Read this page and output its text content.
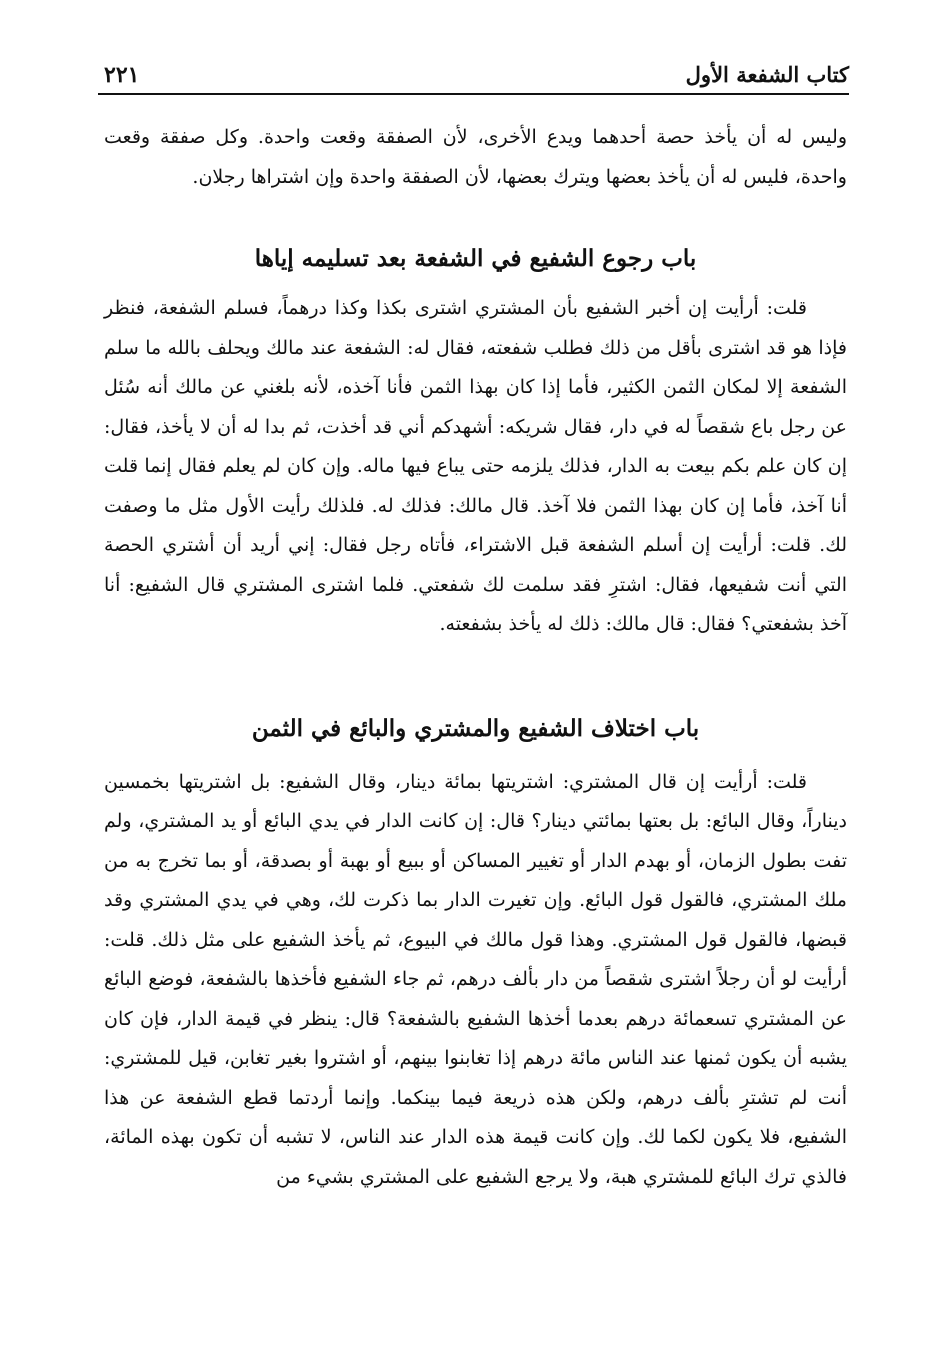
كتاب الشفعة الأول
٢٢١

وليس له أن يأخذ حصة أحدهما ويدع الأخرى، لأن الصفقة وقعت واحدة. وكل صفقة وقعت واحدة، فليس له أن يأخذ بعضها ويترك بعضها، لأن الصفقة واحدة وإن اشتراها رجلان.

باب رجوع الشفيع في الشفعة بعد تسليمه إياها

قلت: أرأيت إن أخبر الشفيع بأن المشتري اشترى بكذا وكذا درهماً، فسلم الشفعة، فنظر فإذا هو قد اشترى بأقل من ذلك فطلب شفعته، فقال له: الشفعة عند مالك ويحلف بالله ما سلم الشفعة إلا لمكان الثمن الكثير، فأما إذا كان بهذا الثمن فأنا آخذه، لأنه بلغني عن مالك أنه سُئل عن رجل باع شقصاً له في دار، فقال شريكه: أشهدكم أني قد أخذت، ثم بدا له أن لا يأخذ، فقال: إن كان علم بكم بيعت به الدار، فذلك يلزمه حتى يباع فيها ماله. وإن كان لم يعلم فقال إنما قلت أنا آخذ، فأما إن كان بهذا الثمن فلا آخذ. قال مالك: فذلك له. فلذلك رأيت الأول مثل ما وصفت لك. قلت: أرأيت إن أسلم الشفعة قبل الاشتراء، فأتاه رجل فقال: إني أريد أن أشتري الحصة التي أنت شفيعها، فقال: اشترِ فقد سلمت لك شفعتي. فلما اشترى المشتري قال الشفيع: أنا آخذ بشفعتي؟ فقال: قال مالك: ذلك له يأخذ بشفعته.

باب اختلاف الشفيع والمشتري والبائع في الثمن

قلت: أرأيت إن قال المشتري: اشتريتها بمائة دينار، وقال الشفيع: بل اشتريتها بخمسين ديناراً، وقال البائع: بل بعتها بمائتي دينار؟ قال: إن كانت الدار في يدي البائع أو يد المشتري، ولم تفت بطول الزمان، أو بهدم الدار أو تغيير المساكن أو ببيع أو بهبة أو بصدقة، أو بما تخرج به من ملك المشتري، فالقول قول البائع. وإن تغيرت الدار بما ذكرت لك، وهي في يدي المشتري وقد قبضها، فالقول قول المشتري. وهذا قول مالك في البيوع، ثم يأخذ الشفيع على مثل ذلك. قلت: أرأيت لو أن رجلاً اشترى شقصاً من دار بألف درهم، ثم جاء الشفيع فأخذها بالشفعة، فوضع البائع عن المشتري تسعمائة درهم بعدما أخذها الشفيع بالشفعة؟ قال: ينظر في قيمة الدار، فإن كان يشبه أن يكون ثمنها عند الناس مائة درهم إذا تغابنوا بينهم، أو اشتروا بغير تغابن، قيل للمشتري: أنت لم تشترِ بألف درهم، ولكن هذه ذريعة فيما بينكما. وإنما أردتما قطع الشفعة عن هذا الشفيع، فلا يكون لكما لك. وإن كانت قيمة هذه الدار عند الناس، لا تشبه أن تكون بهذه المائة، فالذي ترك البائع للمشتري هبة، ولا يرجع الشفيع على المشتري بشيء من
